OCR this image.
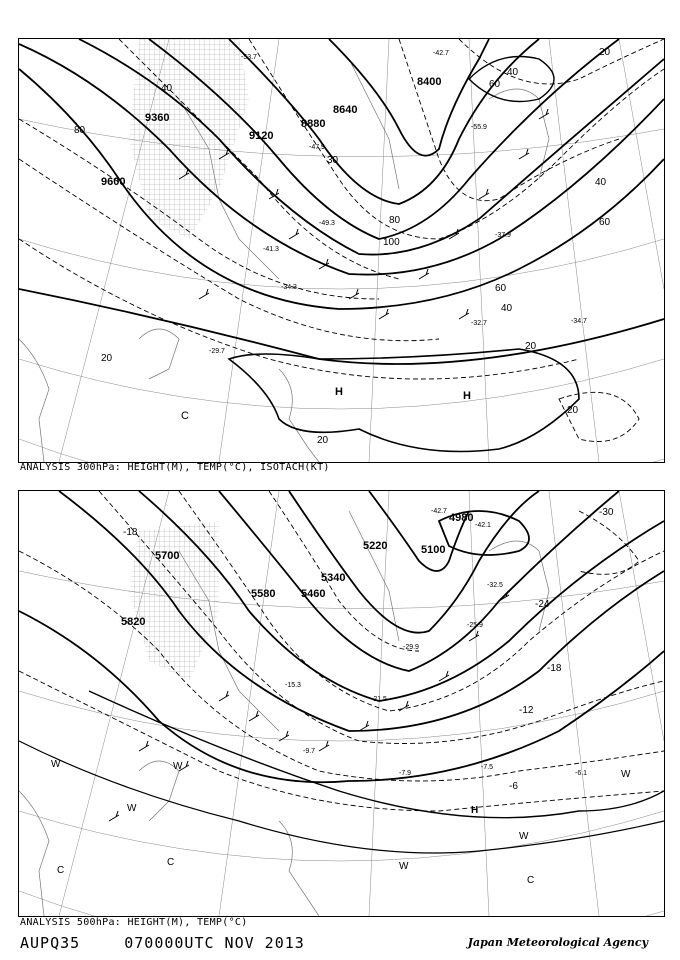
9600
9360
9120
8880
8640
8400
80
40
20
30
80
100
60
40
20
20
40
60
20
60
40
20
-53.7
-55.9
-49.3
-41.3
-34.3
-32.7
-29.7
-47.9
-37.9
-34.7
-42.7
H	H
C
ANALYSIS 300hPa: HEIGHT(M), TEMP(°C), ISOTACH(KT)
5820
5700
5580 5460
5340
5220	5100
4980
-18
-30
-24
-18
-12
-6
-6.1
-7.5
-7.9
-9.7
-21.5
-15.3
-29.9
-32.5
-25.9
-42.7
-42.1
H
W	W
W
W
W
W
C
C
C
ANALYSIS 500hPa: HEIGHT(M), TEMP(°C)
AUPQ35	070000UTC NOV 2013	Japan Meteorological Agency
